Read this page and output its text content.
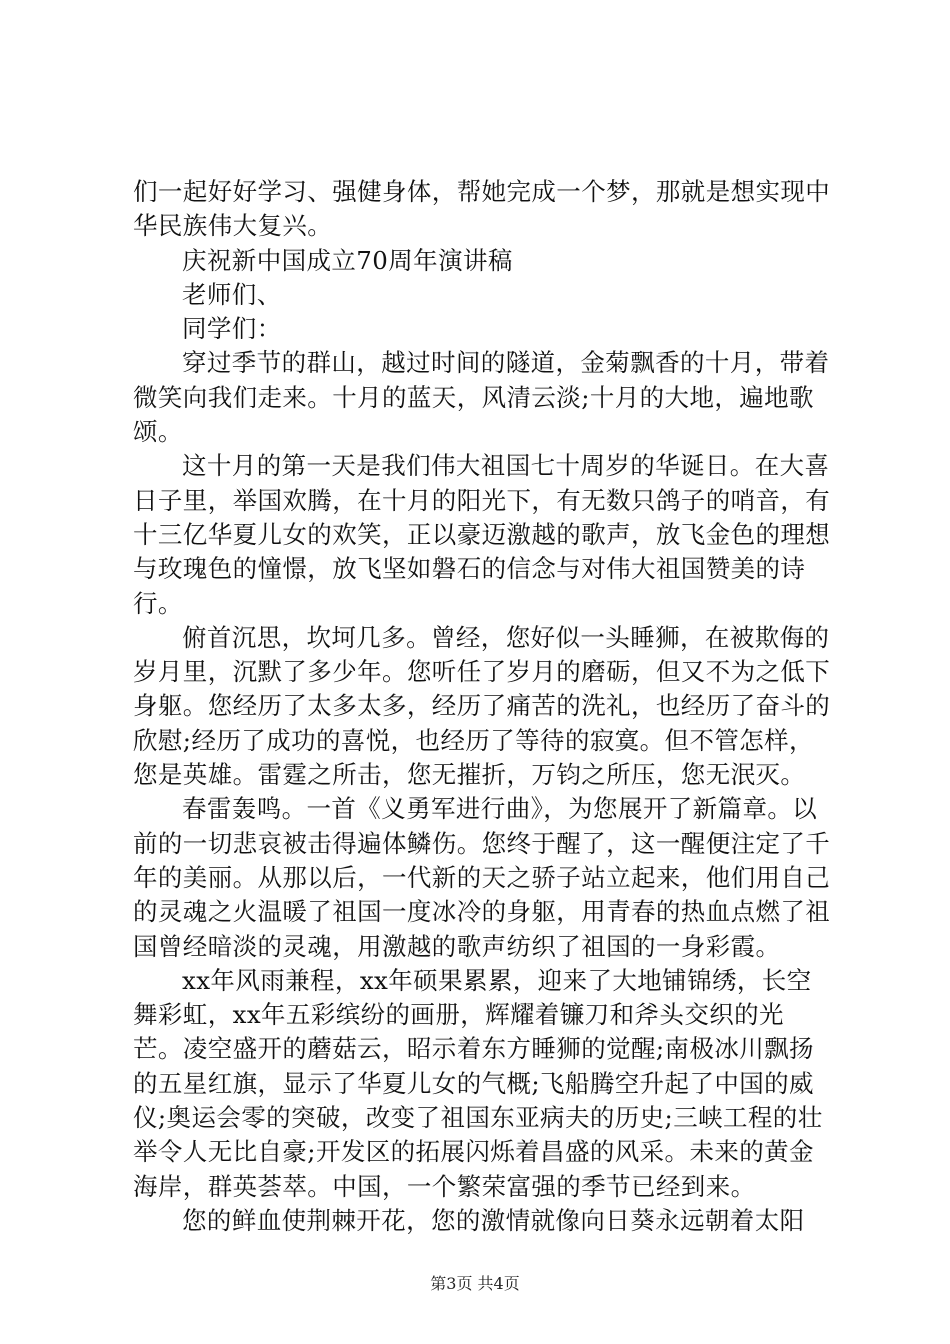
们一起好好学习、强健身体，帮她完成一个梦，那就是想实现中华民族伟大复兴。

庆祝新中国成立70周年演讲稿

老师们、

同学们：

穿过季节的群山，越过时间的隧道，金菊飘香的十月，带着微笑向我们走来。十月的蓝天，风清云淡;十月的大地，遍地歌颂。

这十月的第一天是我们伟大祖国七十周岁的华诞日。在大喜日子里，举国欢腾，在十月的阳光下，有无数只鸽子的哨音，有十三亿华夏儿女的欢笑，正以豪迈激越的歌声，放飞金色的理想与玫瑰色的憧憬，放飞坚如磐石的信念与对伟大祖国赞美的诗行。

俯首沉思，坎坷几多。曾经，您好似一头睡狮，在被欺侮的岁月里，沉默了多少年。您听任了岁月的磨砺，但又不为之低下身躯。您经历了太多太多，经历了痛苦的洗礼，也经历了奋斗的欣慰;经历了成功的喜悦，也经历了等待的寂寞。但不管怎样，您是英雄。雷霆之所击，您无摧折，万钧之所压，您无泯灭。

春雷轰鸣。一首《义勇军进行曲》，为您展开了新篇章。以前的一切悲哀被击得遍体鳞伤。您终于醒了，这一醒便注定了千年的美丽。从那以后，一代新的天之骄子站立起来，他们用自己的灵魂之火温暖了祖国一度冰冷的身躯，用青春的热血点燃了祖国曾经暗淡的灵魂，用激越的歌声纺织了祖国的一身彩霞。

xx年风雨兼程，xx年硕果累累，迎来了大地铺锦绣，长空舞彩虹，xx年五彩缤纷的画册，辉耀着镰刀和斧头交织的光芒。凌空盛开的蘑菇云，昭示着东方睡狮的觉醒;南极冰川飘扬的五星红旗，显示了华夏儿女的气概;飞船腾空升起了中国的威仪;奥运会零的突破，改变了祖国东亚病夫的历史;三峡工程的壮举令人无比自豪;开发区的拓展闪烁着昌盛的风采。未来的黄金海岸，群英荟萃。中国，一个繁荣富强的季节已经到来。

您的鲜血使荆棘开花，您的激情就像向日葵永远朝着太阳

第3页 共4页
